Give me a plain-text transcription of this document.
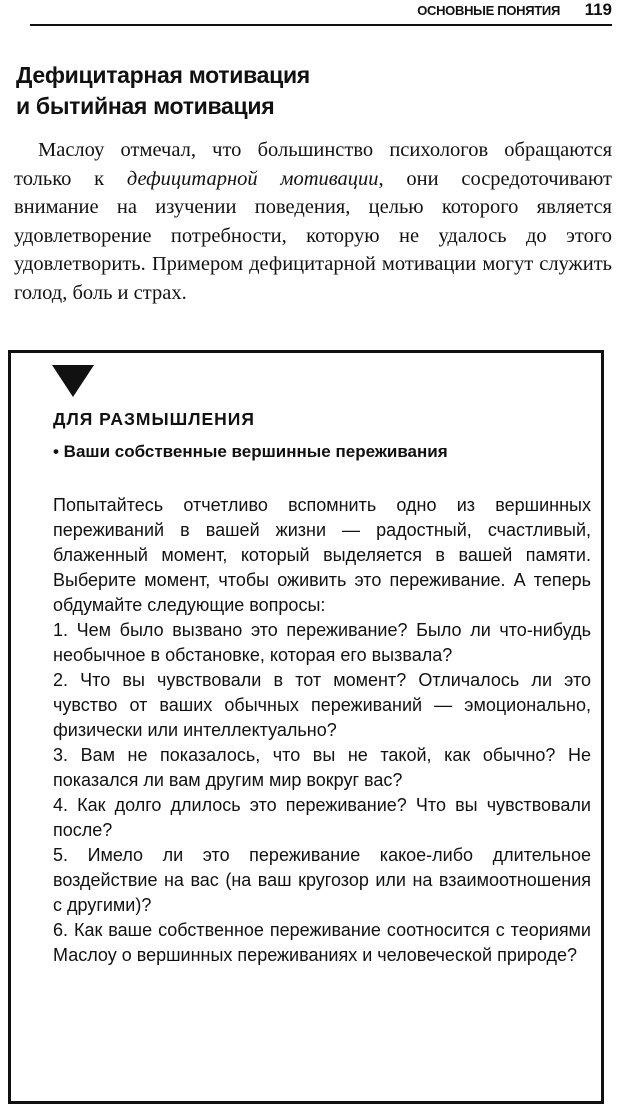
ОСНОВНЫЕ ПОНЯТИЯ 119
Дефицитарная мотивация
и бытийная мотивация

Маслоу отмечал, что большинство психологов обращаются только к дефицитарной мотивации, они сосредоточивают внимание на изучении поведения, целью которого является удовлетворение потребности, которую не удалось до этого удовлетворить. Примером дефицитарной мотивации могут служить голод, боль и страх.

ДЛЯ РАЗМЫШЛЕНИЯ

• Ваши собственные вершинные переживания

Попытайтесь отчетливо вспомнить одно из вершинных переживаний в вашей жизни — радостный, счастливый, блаженный момент, который выделяется в вашей памяти. Выберите момент, чтобы оживить это переживание. А теперь обдумайте следующие вопросы:

1. Чем было вызвано это переживание? Было ли что-нибудь необычное в обстановке, которая его вызвала?

2. Что вы чувствовали в тот момент? Отличалось ли это чувство от ваших обычных переживаний — эмоционально, физически или интеллектуально?

3. Вам не показалось, что вы не такой, как обычно? Не показался ли вам другим мир вокруг вас?

4. Как долго длилось это переживание? Что вы чувствовали после?

5. Имело ли это переживание какое-либо длительное воздействие на вас (на ваш кругозор или на взаимоотношения с другими)?

6. Как ваше собственное переживание соотносится с теориями Маслоу о вершинных переживаниях и человеческой природе?
